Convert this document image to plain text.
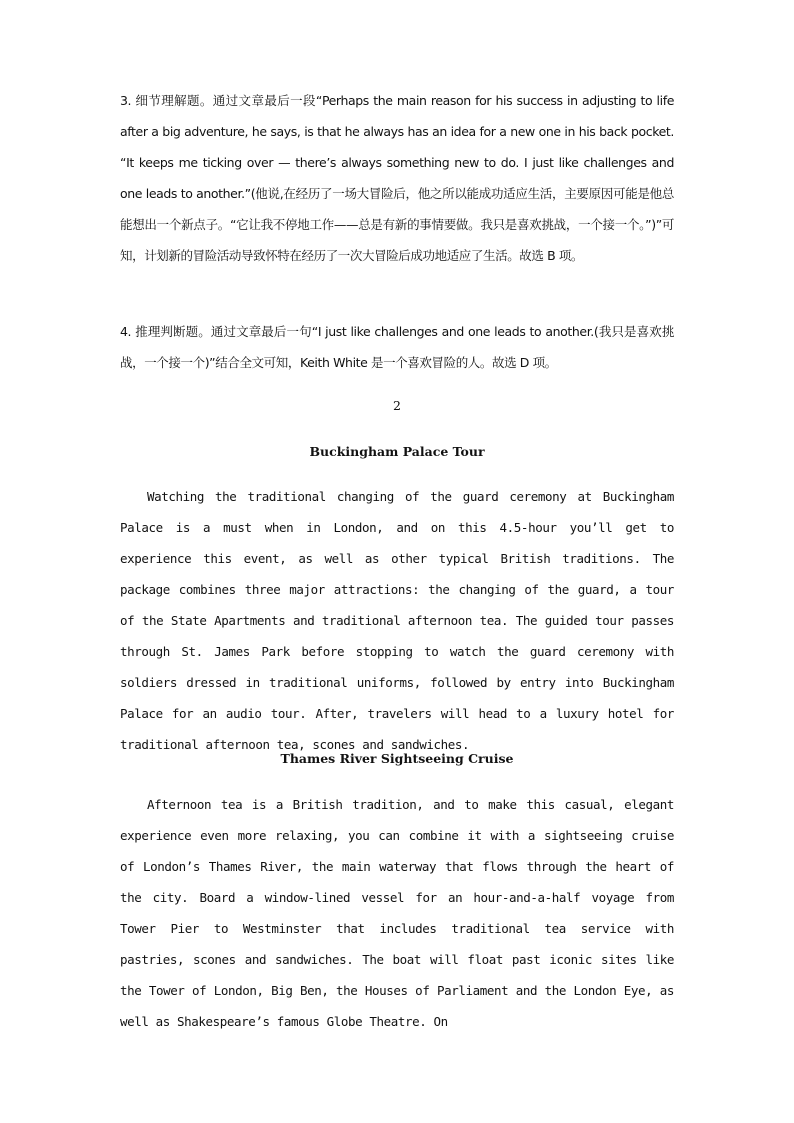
3. 细节理解题。通过文章最后一段“Perhaps the main reason for his success in adjusting to life after a big adventure, he says, is that he always has an idea for a new one in his back pocket. “It keeps me ticking over — there’s always something new to do. I just like challenges and one leads to another.”(他说,在经历了一场大冒险后，他之所以能成功适应生活，主要原因可能是他总能想出一个新点子。“它让我不停地工作——总是有新的事情要做。我只是喜欢挑战，一个接一个。”)”可知，计划新的冒险活动导致怀特在经历了一次大冒险后成功地适应了生活。故选 B 项。

4. 推理判断题。通过文章最后一句“I just like challenges and one leads to another.(我只是喜欢挑战，一个接一个)”结合全文可知，Keith White 是一个喜欢冒险的人。故选 D 项。

2

Buckingham Palace Tour

Watching the traditional changing of the guard ceremony at Buckingham Palace is a must when in London, and on this 4.5-hour you’ll get to experience this event, as well as other typical British traditions. The package combines three major attractions: the changing of the guard, a tour of the State Apartments and traditional afternoon tea. The guided tour passes through St. James Park before stopping to watch the guard ceremony with soldiers dressed in traditional uniforms, followed by entry into Buckingham Palace for an audio tour. After, travelers will head to a luxury hotel for traditional afternoon tea, scones and sandwiches.

Thames River Sightseeing Cruise

Afternoon tea is a British tradition, and to make this casual, elegant experience even more relaxing, you can combine it with a sightseeing cruise of London’s Thames River, the main waterway that flows through the heart of the city. Board a window-lined vessel for an hour-and-a-half voyage from Tower Pier to Westminster that includes traditional tea service with pastries, scones and sandwiches. The boat will float past iconic sites like the Tower of London, Big Ben, the Houses of Parliament and the London Eye, as well as Shakespeare’s famous Globe Theatre. On
